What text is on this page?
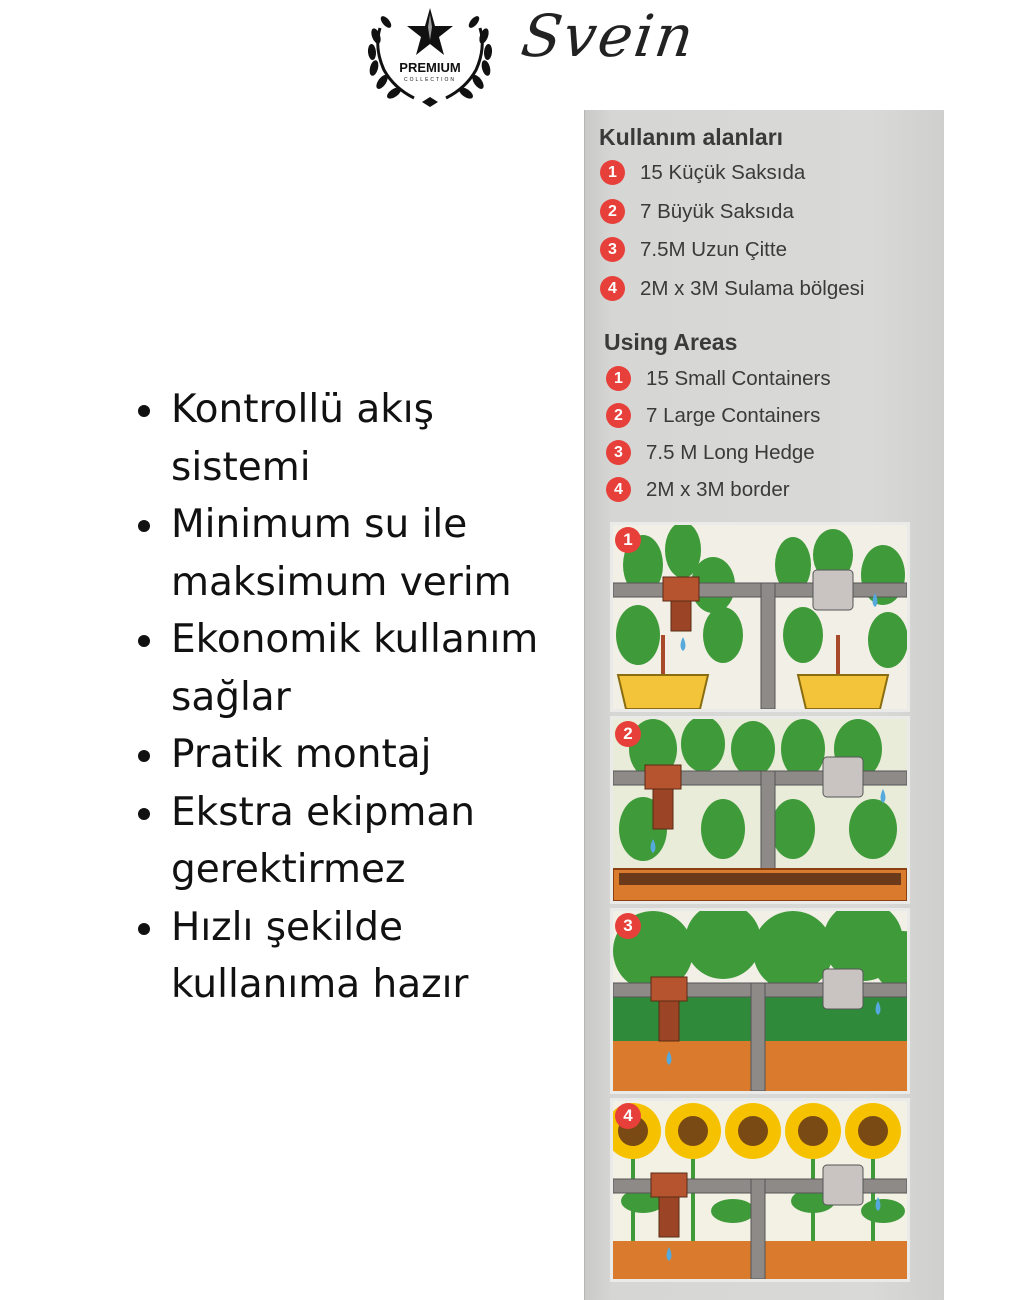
PREMIUM
COLLECTION
Svein
Kontrollü akış sistemi
Minimum su ile maksimum verim
Ekonomik kullanım sağlar
Pratik montaj
Ekstra ekipman gerektirmez
Hızlı şekilde kullanıma hazır
Kullanım alanları
1	15 Küçük Saksıda
2	7 Büyük Saksıda
3	7.5M Uzun Çitte
4	2M x 3M Sulama bölgesi
Using Areas
1	15 Small Containers
2	7 Large Containers
3	7.5 M Long Hedge
4	2M x 3M border
1
2
3
4
